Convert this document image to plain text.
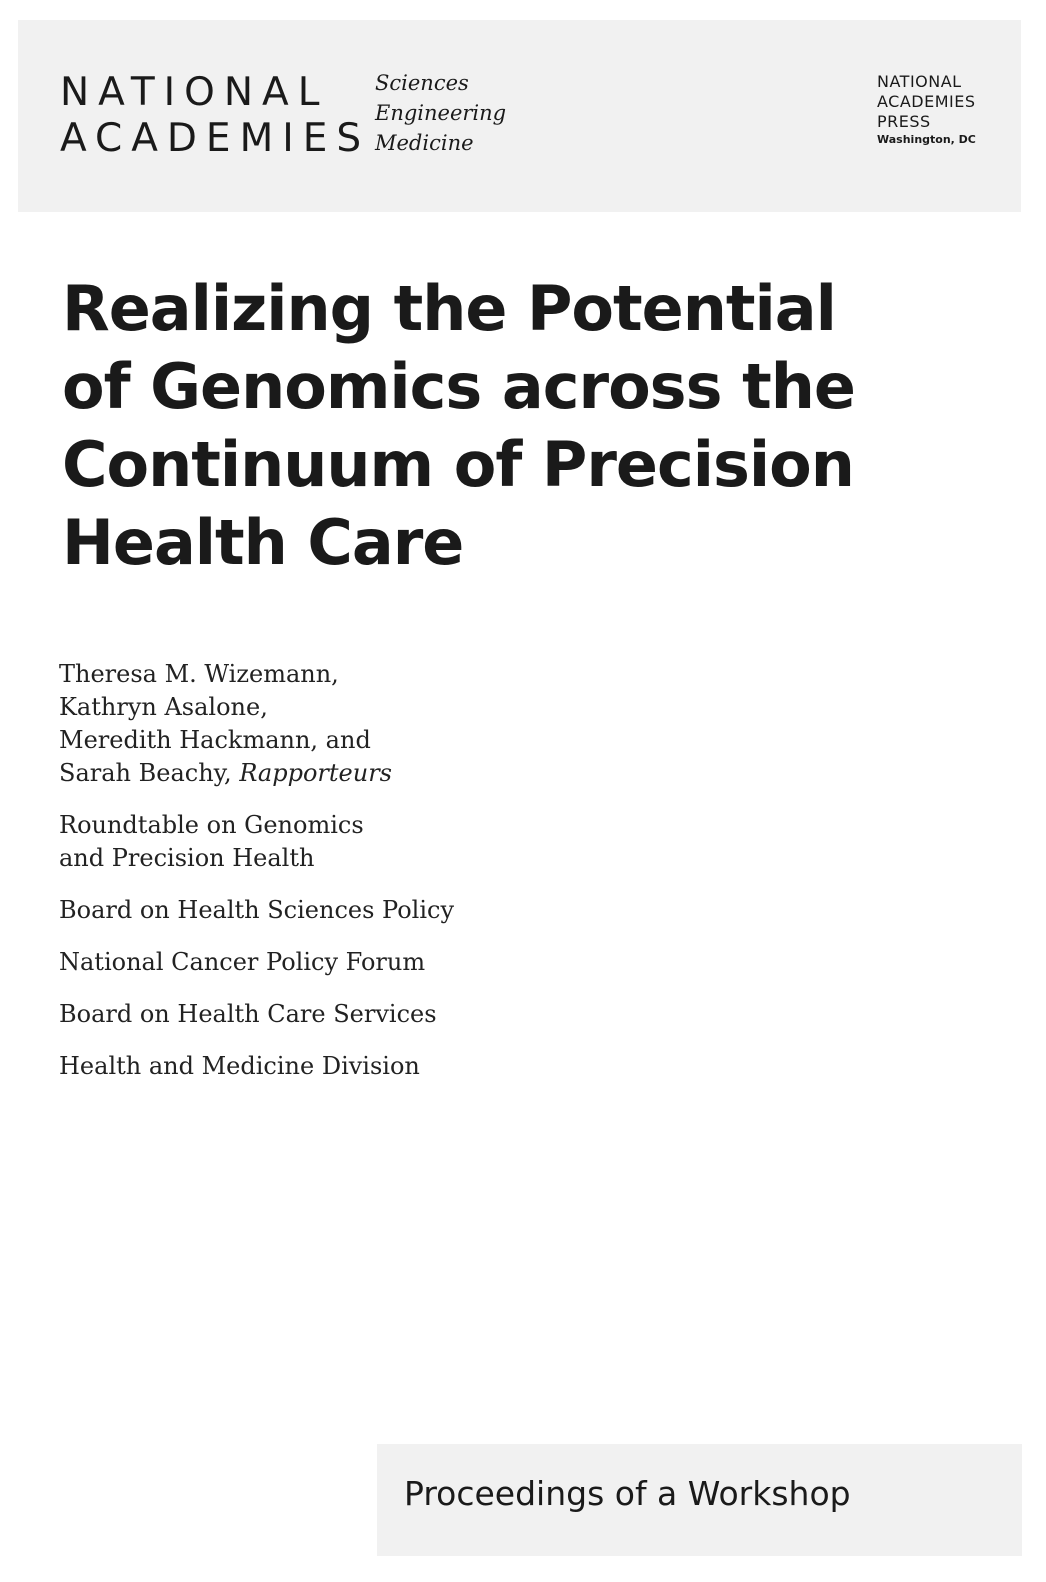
NATIONAL
ACADEMIES
Sciences
Engineering
Medicine
NATIONAL
ACADEMIES
PRESS
Washington, DC
Realizing the Potential
of Genomics across the
Continuum of Precision
Health Care
Theresa M. Wizemann,
Kathryn Asalone,
Meredith Hackmann, and
Sarah Beachy, Rapporteurs
Roundtable on Genomics
and Precision Health
Board on Health Sciences Policy
National Cancer Policy Forum
Board on Health Care Services
Health and Medicine Division
Proceedings of a Workshop
